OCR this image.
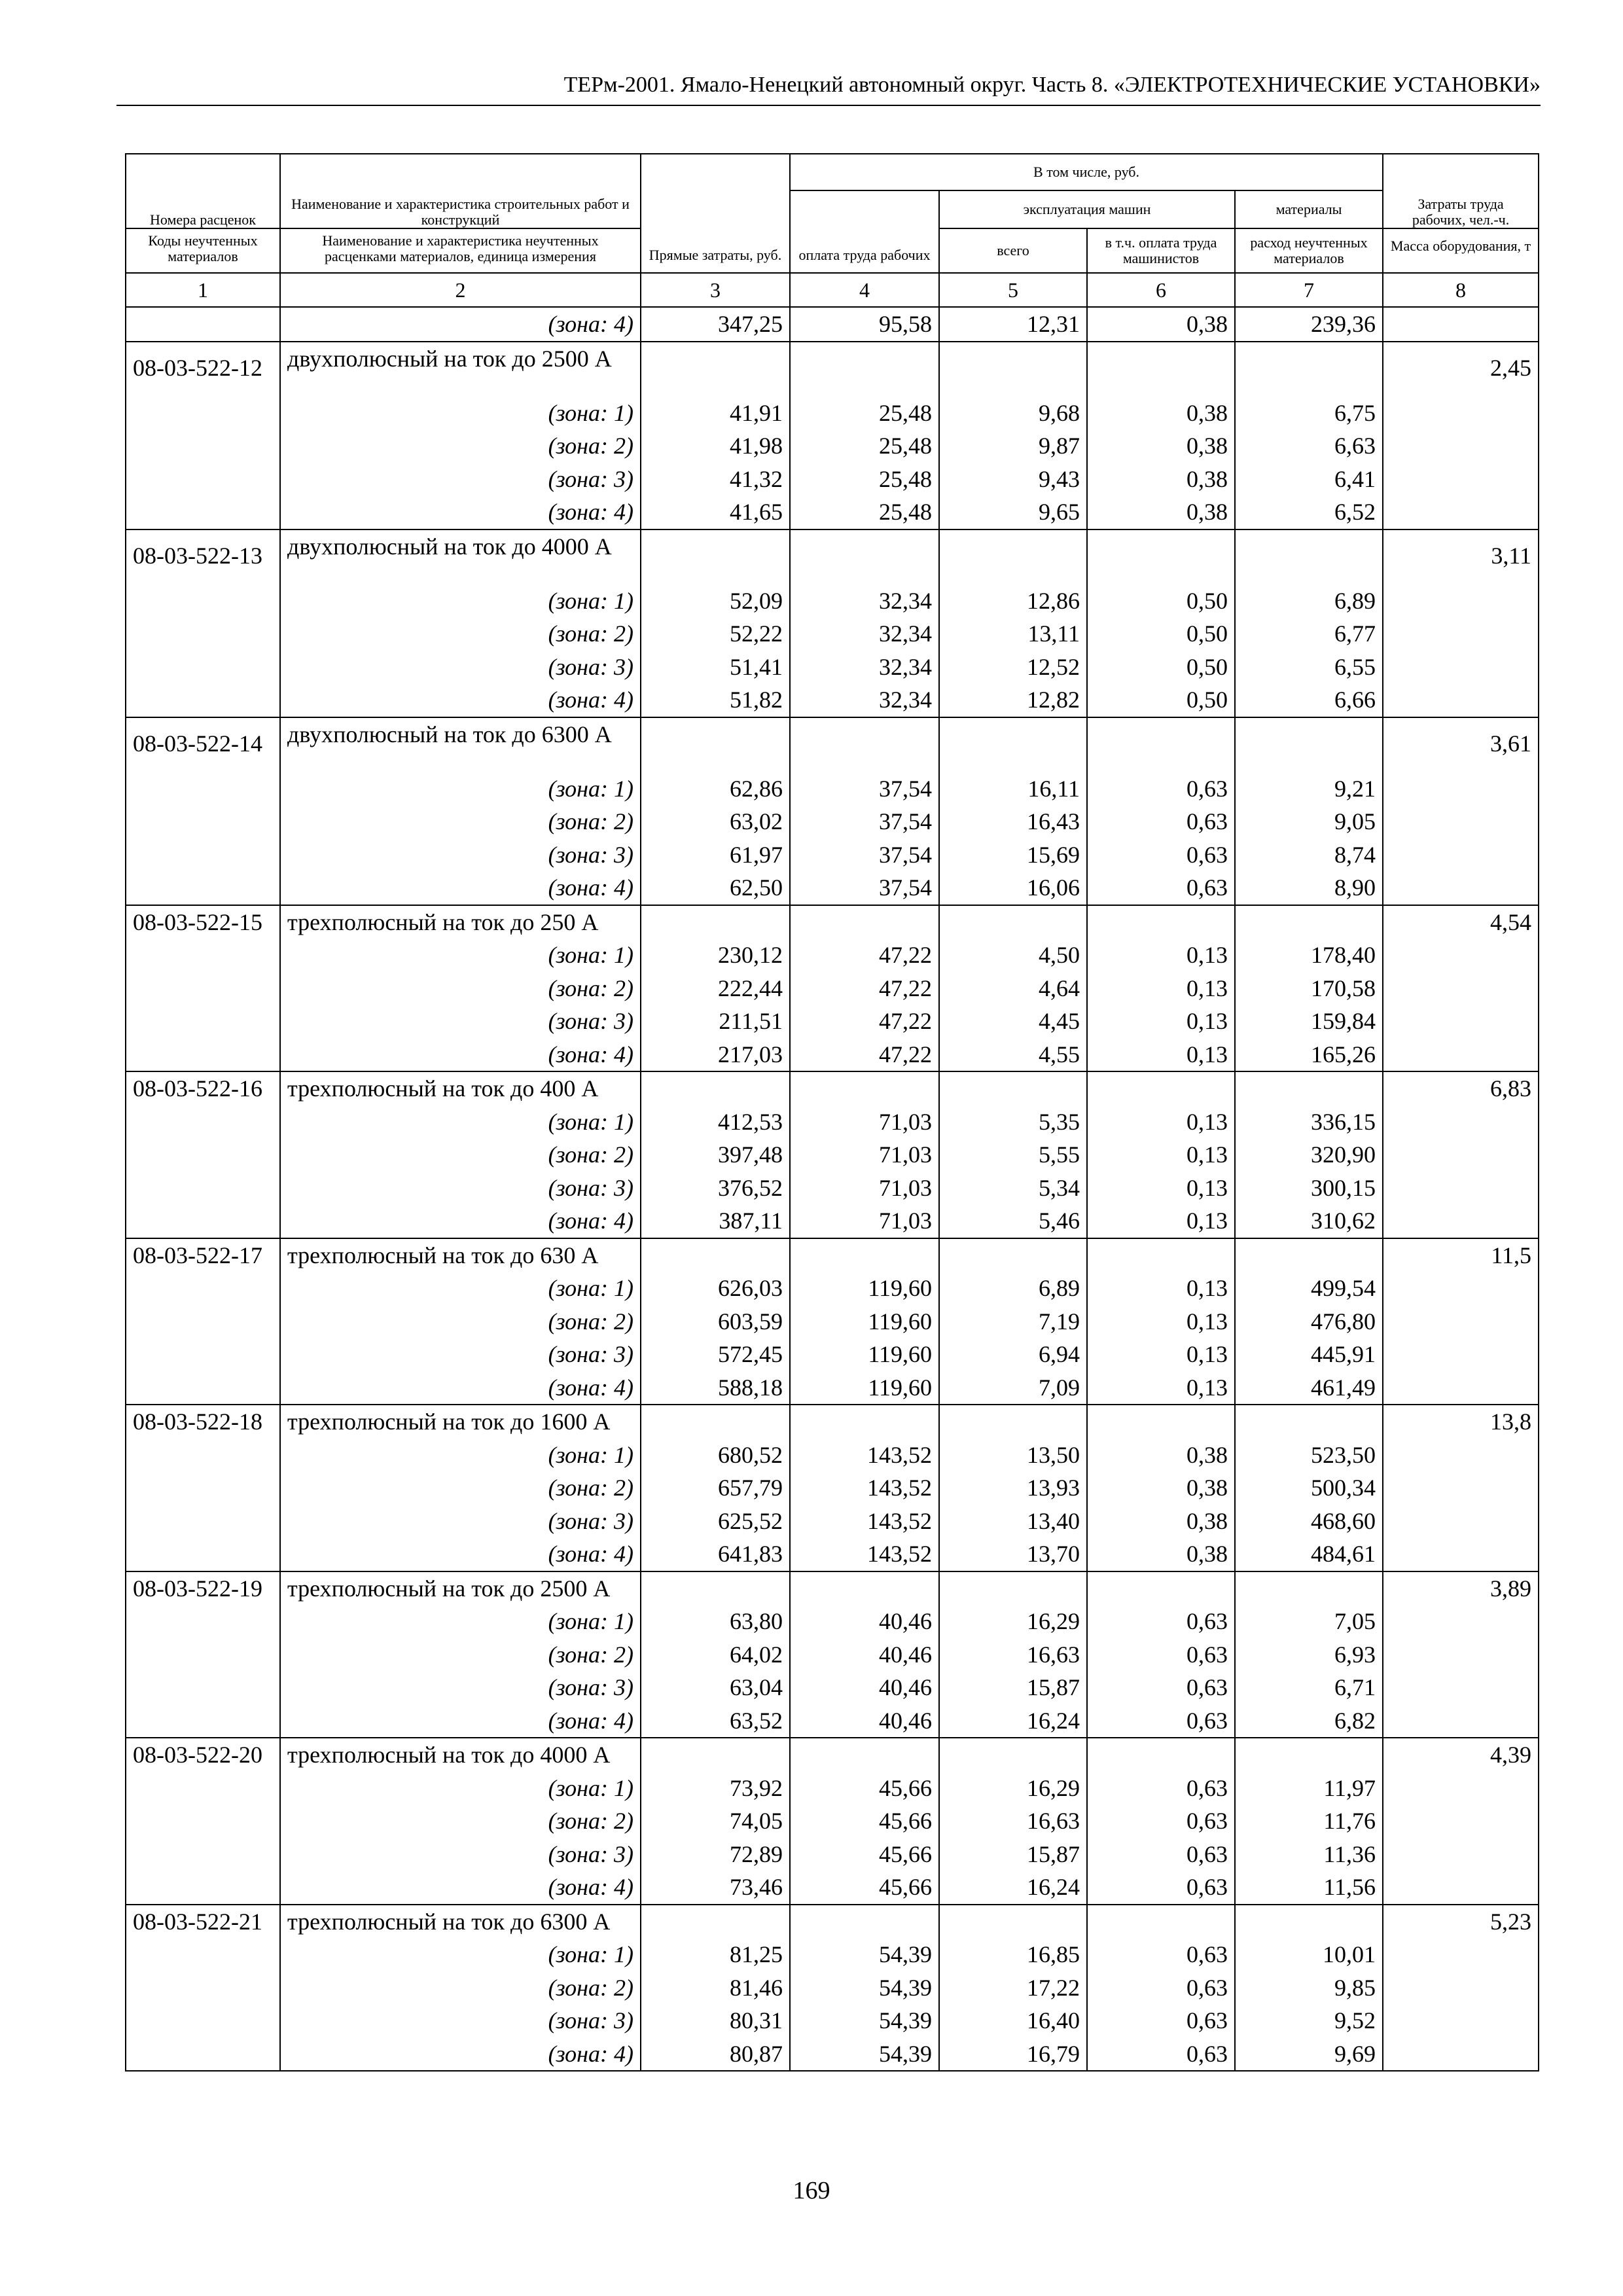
ТЕРм-2001. Ямало-Ненецкий автономный округ. Часть 8. «ЭЛЕКТРОТЕХНИЧЕСКИЕ УСТАНОВКИ»
Номера расценок	Наименование и характеристика строительных работ и конструкций	Прямые затраты, руб.	В том числе, руб.				Затраты труда рабочих, чел.-ч.
			оплата труда рабочих	эксплуатация машин		материалы	
Коды неучтенных материалов	Наименование и характеристика неучтенных расценками материалов, единица измерения			всего	в т.ч. оплата труда машинистов	расход неучтенных материалов	Масса оборудования, т

1	2	3	4	5	6	7	8
	(зона: 4)	347,25	95,58	12,31	0,38	239,36	
08-03-522-12	двухполюсный на ток до 2500 А						2,45
	(зона: 1)	41,91	25,48	9,68	0,38	6,75	
	(зона: 2)	41,98	25,48	9,87	0,38	6,63	
	(зона: 3)	41,32	25,48	9,43	0,38	6,41	
	(зона: 4)	41,65	25,48	9,65	0,38	6,52	
08-03-522-13	двухполюсный на ток до 4000 А						3,11
	(зона: 1)	52,09	32,34	12,86	0,50	6,89	
	(зона: 2)	52,22	32,34	13,11	0,50	6,77	
	(зона: 3)	51,41	32,34	12,52	0,50	6,55	
	(зона: 4)	51,82	32,34	12,82	0,50	6,66	
08-03-522-14	двухполюсный на ток до 6300 А						3,61
	(зона: 1)	62,86	37,54	16,11	0,63	9,21	
	(зона: 2)	63,02	37,54	16,43	0,63	9,05	
	(зона: 3)	61,97	37,54	15,69	0,63	8,74	
	(зона: 4)	62,50	37,54	16,06	0,63	8,90	
08-03-522-15	трехполюсный на ток до 250 А						4,54
	(зона: 1)	230,12	47,22	4,50	0,13	178,40	
	(зона: 2)	222,44	47,22	4,64	0,13	170,58	
	(зона: 3)	211,51	47,22	4,45	0,13	159,84	
	(зона: 4)	217,03	47,22	4,55	0,13	165,26	
08-03-522-16	трехполюсный на ток до 400 А						6,83
	(зона: 1)	412,53	71,03	5,35	0,13	336,15	
	(зона: 2)	397,48	71,03	5,55	0,13	320,90	
	(зона: 3)	376,52	71,03	5,34	0,13	300,15	
	(зона: 4)	387,11	71,03	5,46	0,13	310,62	
08-03-522-17	трехполюсный на ток до 630 А						11,5
	(зона: 1)	626,03	119,60	6,89	0,13	499,54	
	(зона: 2)	603,59	119,60	7,19	0,13	476,80	
	(зона: 3)	572,45	119,60	6,94	0,13	445,91	
	(зона: 4)	588,18	119,60	7,09	0,13	461,49	
08-03-522-18	трехполюсный на ток до 1600 А						13,8
	(зона: 1)	680,52	143,52	13,50	0,38	523,50	
	(зона: 2)	657,79	143,52	13,93	0,38	500,34	
	(зона: 3)	625,52	143,52	13,40	0,38	468,60	
	(зона: 4)	641,83	143,52	13,70	0,38	484,61	
08-03-522-19	трехполюсный на ток до 2500 А						3,89
	(зона: 1)	63,80	40,46	16,29	0,63	7,05	
	(зона: 2)	64,02	40,46	16,63	0,63	6,93	
	(зона: 3)	63,04	40,46	15,87	0,63	6,71	
	(зона: 4)	63,52	40,46	16,24	0,63	6,82	
08-03-522-20	трехполюсный на ток до 4000 А						4,39
	(зона: 1)	73,92	45,66	16,29	0,63	11,97	
	(зона: 2)	74,05	45,66	16,63	0,63	11,76	
	(зона: 3)	72,89	45,66	15,87	0,63	11,36	
	(зона: 4)	73,46	45,66	16,24	0,63	11,56	
08-03-522-21	трехполюсный на ток до 6300 А						5,23
	(зона: 1)	81,25	54,39	16,85	0,63	10,01	
	(зона: 2)	81,46	54,39	17,22	0,63	9,85	
	(зона: 3)	80,31	54,39	16,40	0,63	9,52	
	(зона: 4)	80,87	54,39	16,79	0,63	9,69	
169
